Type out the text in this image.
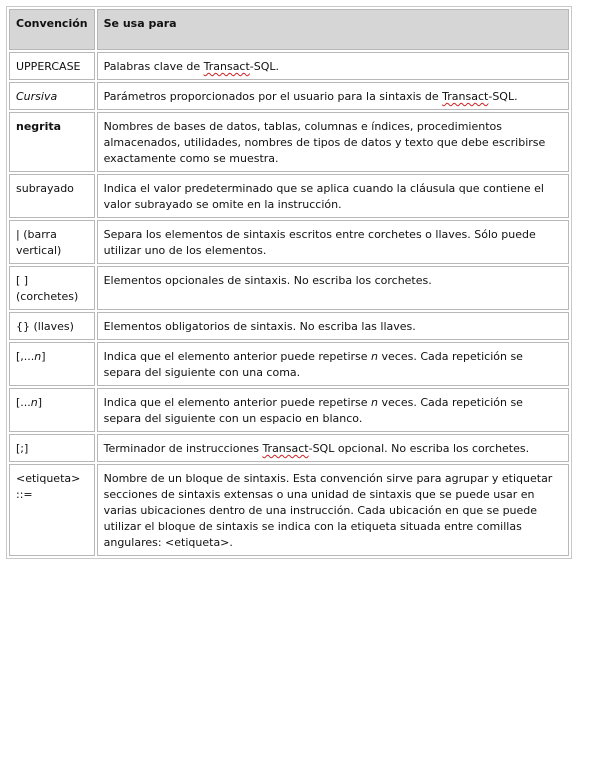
Convención	Se usa para
UPPERCASE	Palabras clave de Transact-SQL.
Cursiva	Parámetros proporcionados por el usuario para la sintaxis de Transact-SQL.
negrita	Nombres de bases de datos, tablas, columnas e índices, procedimientos almacenados, utilidades, nombres de tipos de datos y texto que debe escribirse exactamente como se muestra.
subrayado	Indica el valor predeterminado que se aplica cuando la cláusula que contiene el valor subrayado se omite en la instrucción.
| (barra vertical)	Separa los elementos de sintaxis escritos entre corchetes o llaves. Sólo puede utilizar uno de los elementos.
[ ] (corchetes)	Elementos opcionales de sintaxis. No escriba los corchetes.
{} (llaves)	Elementos obligatorios de sintaxis. No escriba las llaves.
[,...n]	Indica que el elemento anterior puede repetirse n veces. Cada repetición se separa del siguiente con una coma.
[...n]	Indica que el elemento anterior puede repetirse n veces. Cada repetición se separa del siguiente con un espacio en blanco.
[;]	Terminador de instrucciones Transact-SQL opcional. No escriba los corchetes.
<etiqueta> ::=	Nombre de un bloque de sintaxis. Esta convención sirve para agrupar y etiquetar secciones de sintaxis extensas o una unidad de sintaxis que se puede usar en varias ubicaciones dentro de una instrucción. Cada ubicación en que se puede utilizar el bloque de sintaxis se indica con la etiqueta situada entre comillas angulares: <etiqueta>.
